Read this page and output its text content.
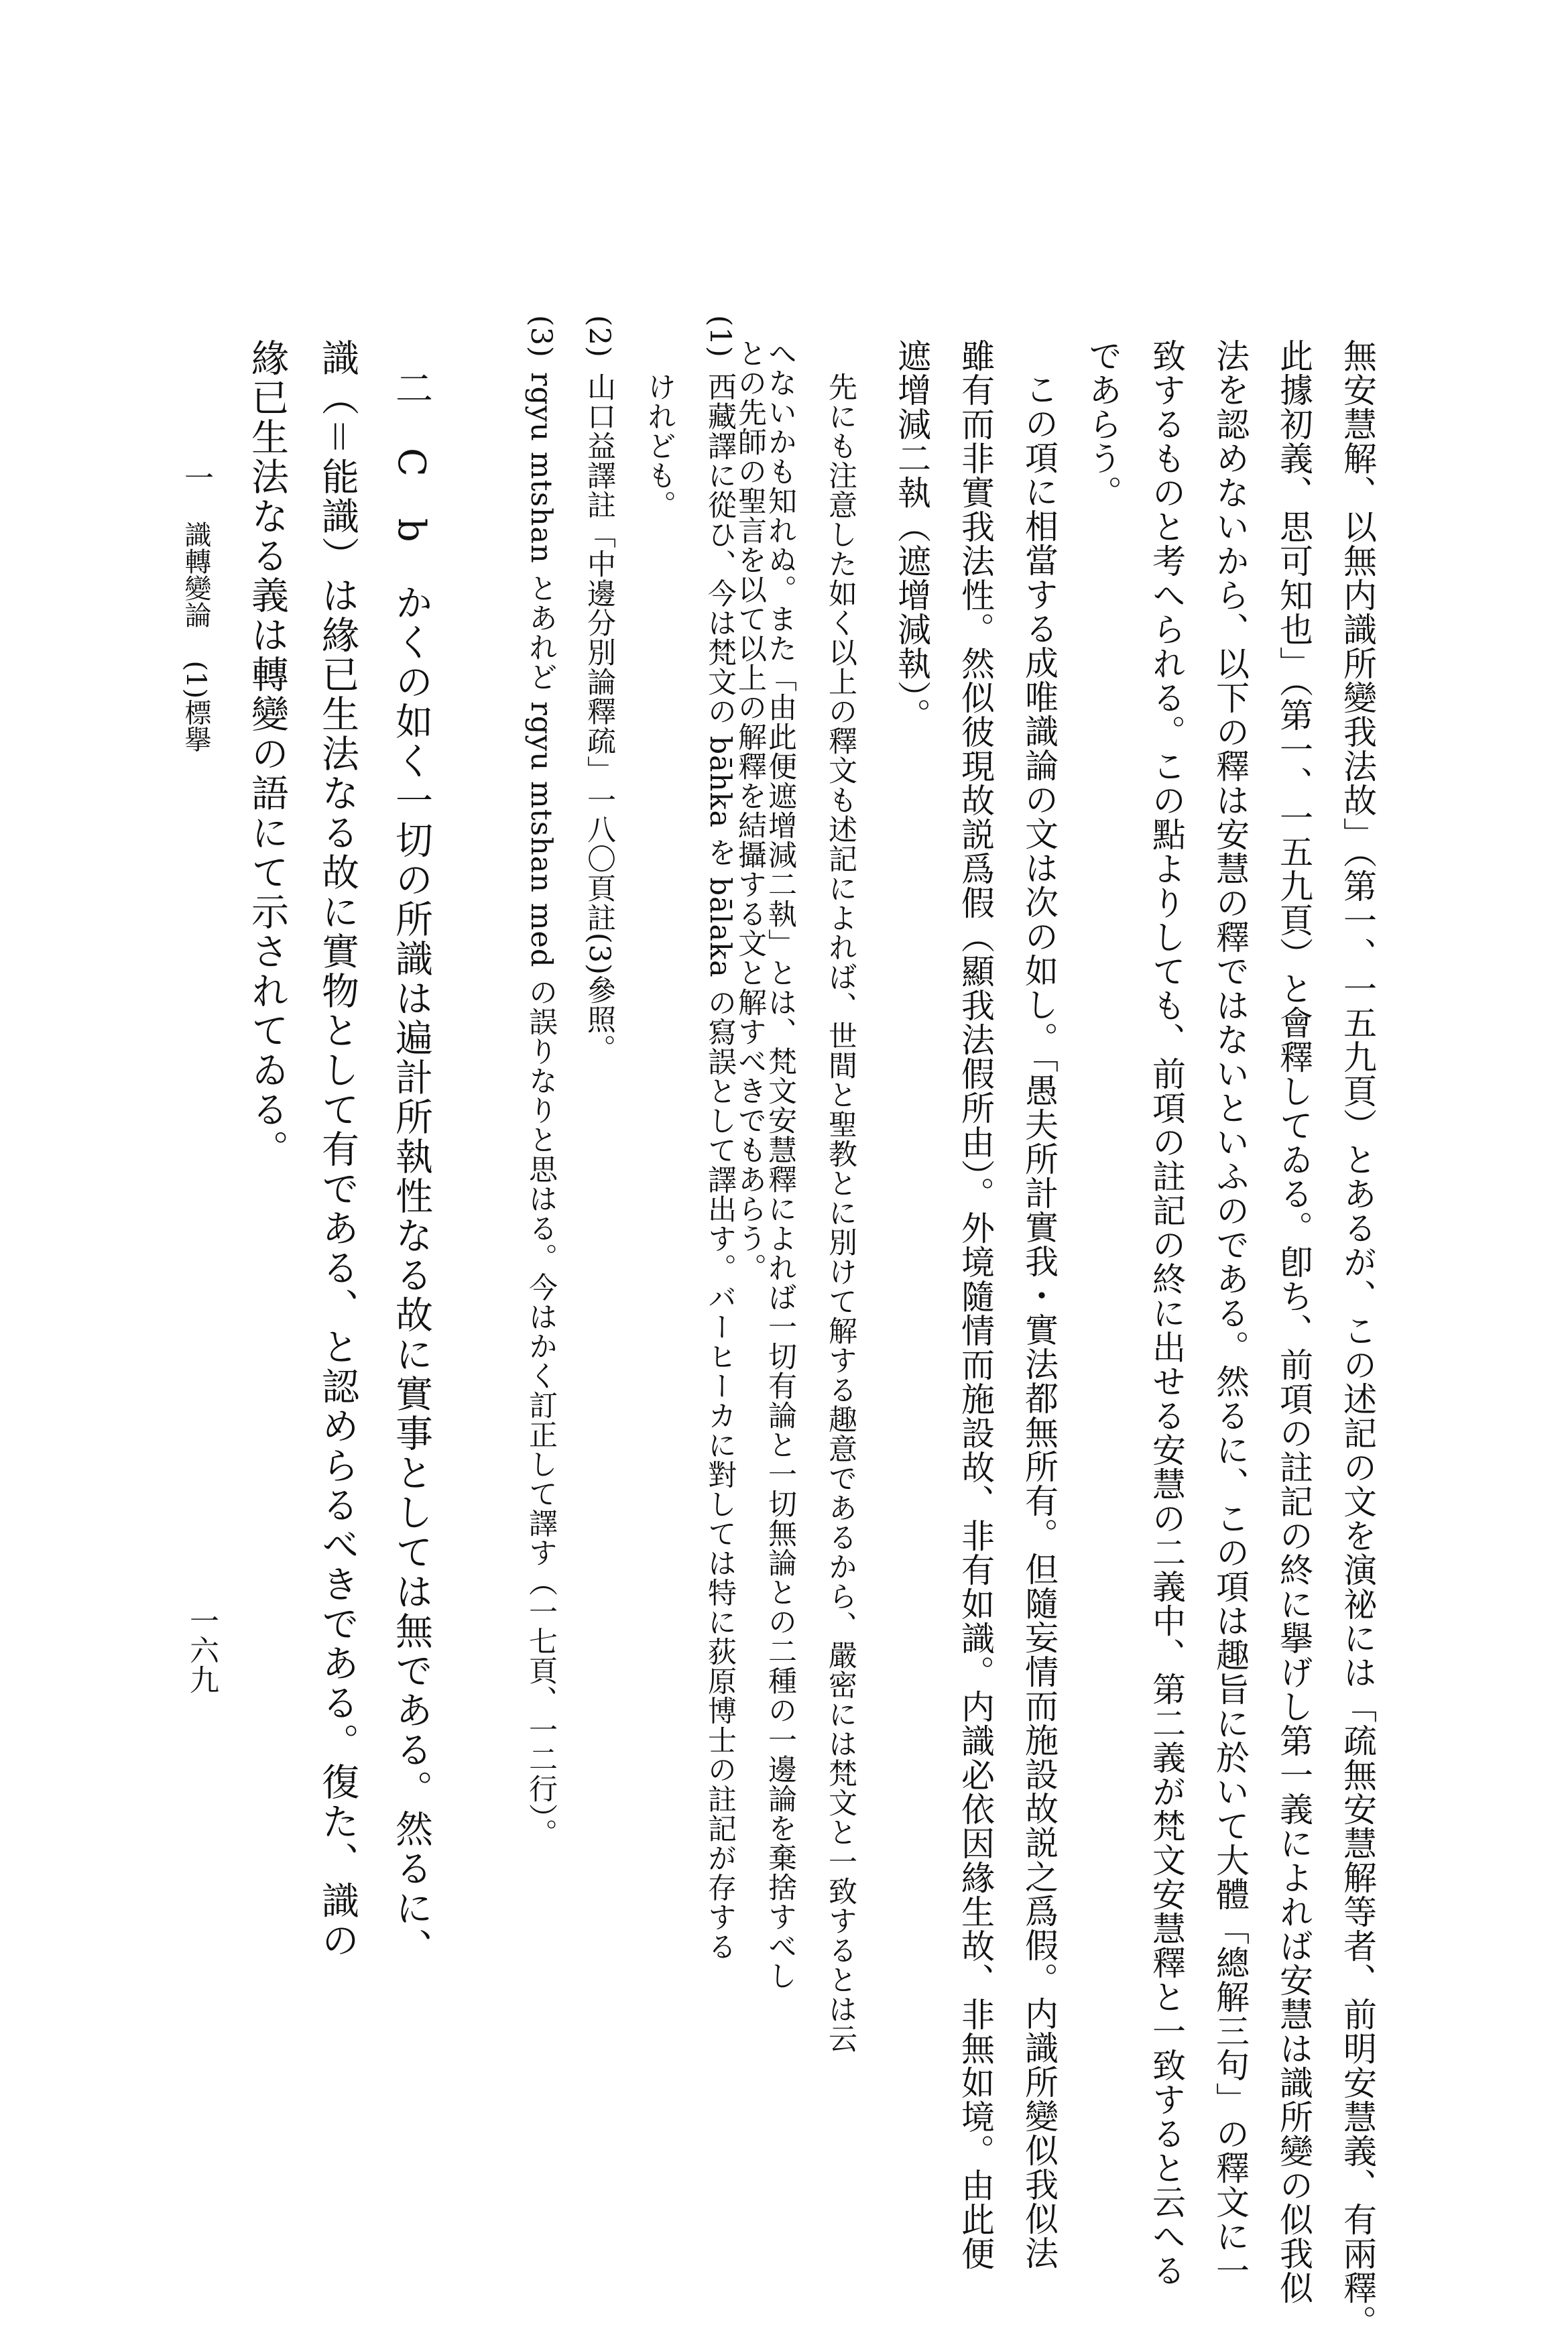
一六九
一 識轉變論 (1)標擧	無安慧解、以無内識所變我法故」（第一、一五九頁）とあるが、この述記の文を演祕には「疏無安慧解等者、前明安慧義、有兩釋。
此據初義、思可知也」（第一、一五九頁）と會釋してゐる。卽ち、前項の註記の終に擧げし第一義によれば安慧は識所變の似我似
法を認めないから、以下の釋は安慧の釋ではないといふのである。然るに、この項は趣旨に於いて大體「總解三句」の釋文に一
致するものと考へられる。この點よりしても、前項の註記の終に出せる安慧の二義中、第二義が梵文安慧釋と一致すると云へる
であらう。
この項に相當する成唯識論の文は次の如し。「愚夫所計實我・實法都無所有。但隨妄情而施設故説之爲假。内識所變似我似法
雖有而非實我法性。然似彼現故説爲假（顯我法假所由）。外境隨情而施設故、非有如識。内識必依因緣生故、非無如境。由此便
遮增減二執（遮增減執）。
(1)
西藏譯に從ひ、今は梵文の bāhka を bālaka の寫誤として譯出す。バーヒーカに對しては特に荻原博士の註記が存する
けれども。	先にも注意した如く以上の釋文も述記によれば、世間と聖教とに別けて解する趣意であるから、嚴密には梵文と一致するとは云
へないかも知れぬ。また「由此便遮增減二執」とは、梵文安慧釋によれば一切有論と一切無論との二種の一邊論を棄捨すべし
との先師の聖言を以て以上の解釋を結攝する文と解すべきでもあらう。
(2)
山口益譯註「中邊分別論釋疏」一八〇頁註(3)參照。
(3)
rgyu mtshan とあれど rgyu mtshan med の誤りなりと思はる。今はかく訂正して譯す（一七頁、一二行）。
二　C　b
かくの如く一切の所識は遍計所執性なる故に實事としては無である。然るに、
識（＝能識）は緣已生法なる故に實物として有である、と認めらるべきである。復た、識の
緣已生法なる義は轉變の語にて示されてゐる。
